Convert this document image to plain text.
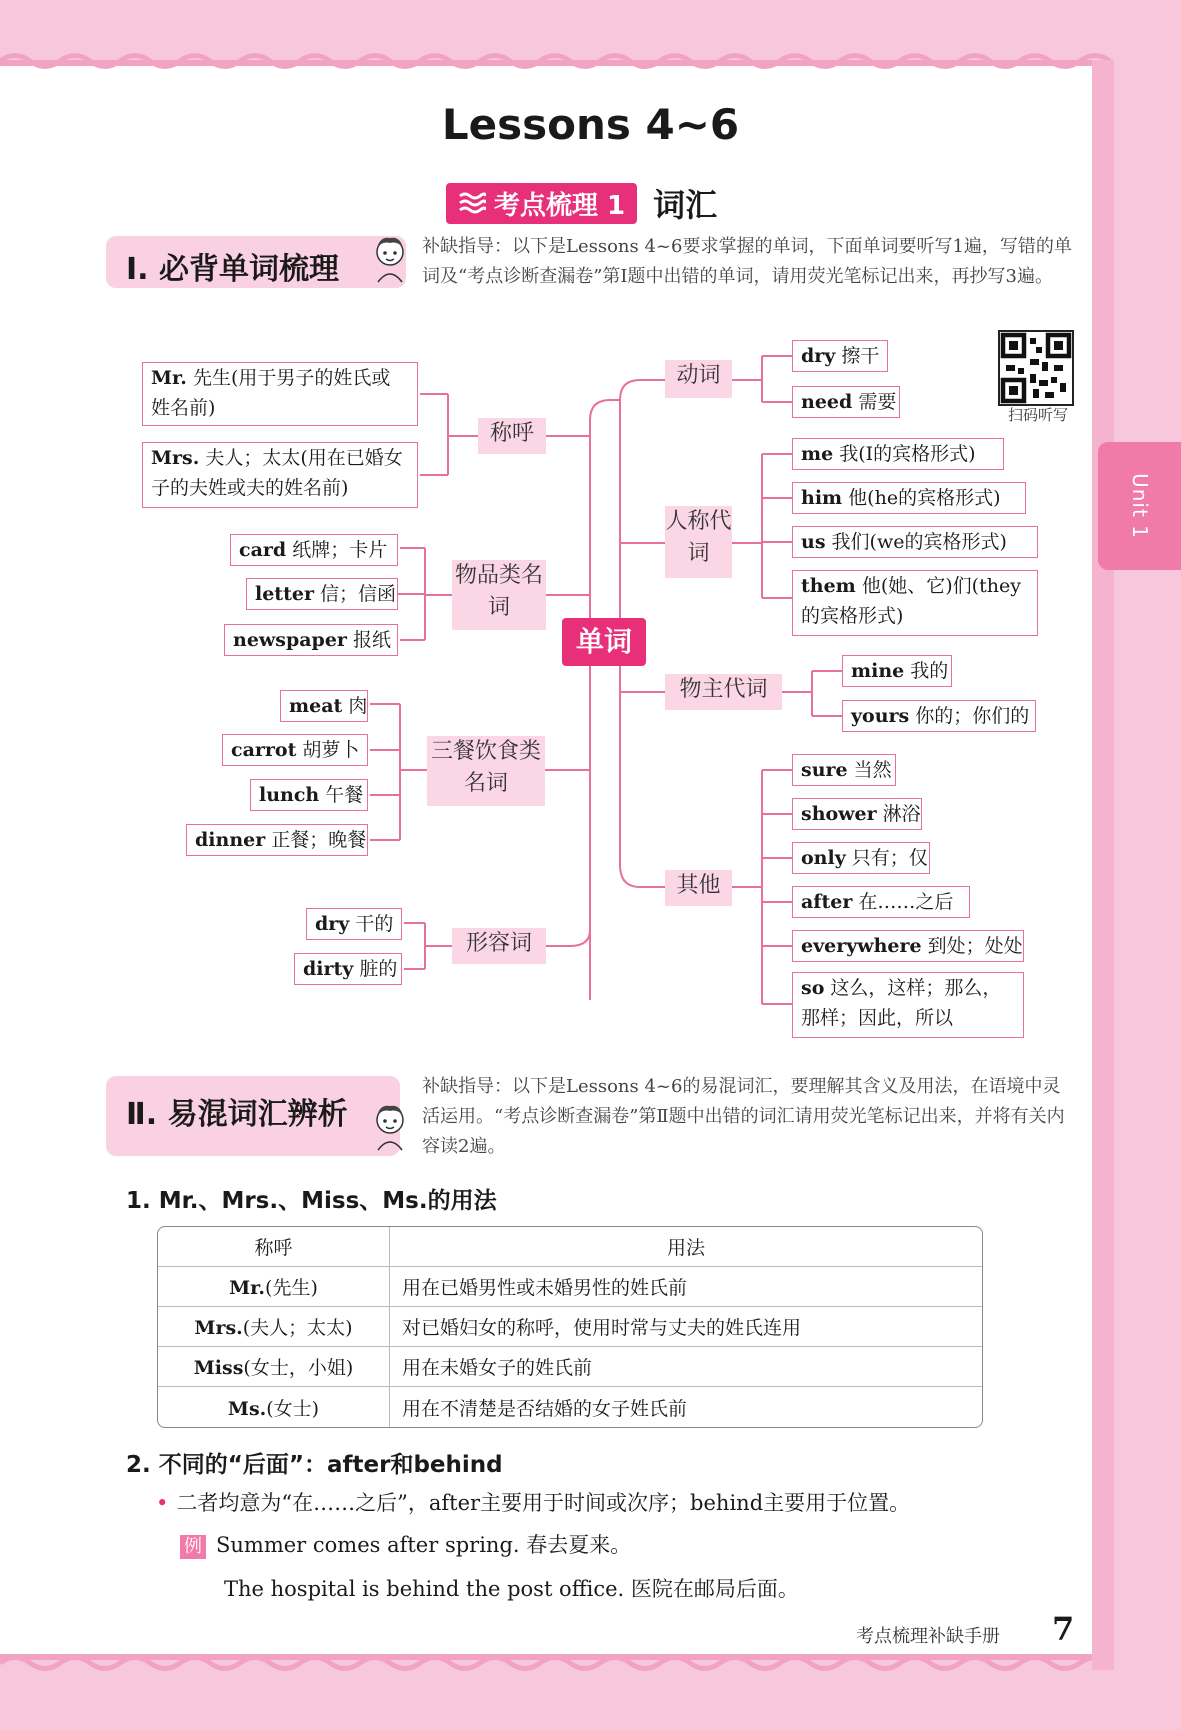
Unit 1
Lessons 4~6
考点梳理 1 词汇
Ⅰ. 必背单词梳理
补缺指导：以下是Lessons 4~6要求掌握的单词，下面单词要听写1遍，写错的单词及“考点诊断查漏卷”第Ⅰ题中出错的单词，请用荧光笔标记出来，再抄写3遍。
扫码听写
单词
称呼
物品类名词
三餐饮食类名词
形容词
动词
人称代词
物主代词
其他
Mr. 先生(用于男子的姓氏或姓名前)
Mrs. 夫人；太太(用在已婚女子的夫姓或夫的姓名前)
card 纸牌；卡片
letter 信；信函
newspaper 报纸
meat 肉
carrot 胡萝卜
lunch 午餐
dinner 正餐；晚餐
dry 干的
dirty 脏的
dry 擦干
need 需要
me 我(I的宾格形式)
him 他(he的宾格形式)
us 我们(we的宾格形式)
them 他(她、它)们(they的宾格形式)
mine 我的
yours 你的；你们的
sure 当然
shower 淋浴
only 只有；仅
after 在……之后
everywhere 到处；处处
so 这么，这样；那么，那样；因此，所以
Ⅱ. 易混词汇辨析
补缺指导：以下是Lessons 4~6的易混词汇，要理解其含义及用法，在语境中灵活运用。“考点诊断查漏卷”第Ⅱ题中出错的词汇请用荧光笔标记出来，并将有关内容读2遍。
1. Mr.、Mrs.、Miss、Ms.的用法
称呼	用法
Mr.(先生)	用在已婚男性或未婚男性的姓氏前
Mrs.(夫人；太太)	对已婚妇女的称呼，使用时常与丈夫的姓氏连用
Miss(女士，小姐)	用在未婚女子的姓氏前
Ms.(女士)	用在不清楚是否结婚的女子姓氏前
2. 不同的“后面”：after和behind
• 二者均意为“在……之后”，after主要用于时间或次序；behind主要用于位置。
例 Summer comes after spring. 春去夏来。
The hospital is behind the post office. 医院在邮局后面。
考点梳理补缺手册 7
